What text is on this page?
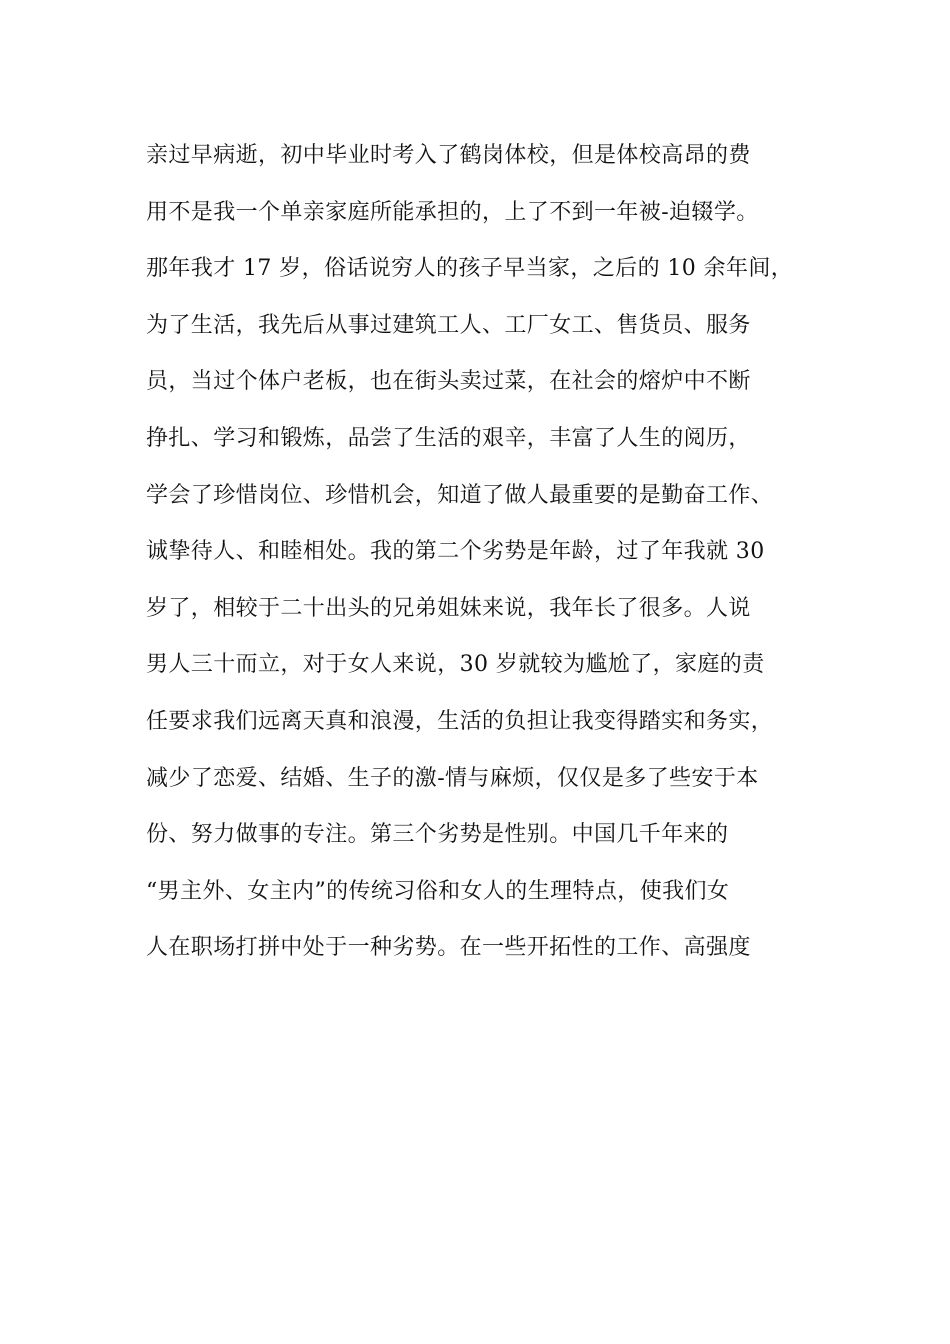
亲过早病逝，初中毕业时考入了鹤岗体校，但是体校高昂的费
用不是我一个单亲家庭所能承担的，上了不到一年被-迫辍学。
那年我才 17 岁，俗话说穷人的孩子早当家，之后的 10 余年间，
为了生活，我先后从事过建筑工人、工厂女工、售货员、服务
员，当过个体户老板，也在街头卖过菜，在社会的熔炉中不断
挣扎、学习和锻炼，品尝了生活的艰辛，丰富了人生的阅历，
学会了珍惜岗位、珍惜机会，知道了做人最重要的是勤奋工作、
诚挚待人、和睦相处。我的第二个劣势是年龄，过了年我就 30
岁了，相较于二十出头的兄弟姐妹来说，我年长了很多。人说
男人三十而立，对于女人来说，30 岁就较为尴尬了，家庭的责
任要求我们远离天真和浪漫，生活的负担让我变得踏实和务实，
减少了恋爱、结婚、生子的激-情与麻烦，仅仅是多了些安于本
份、努力做事的专注。第三个劣势是性别。中国几千年来的
“男主外、女主内”的传统习俗和女人的生理特点，使我们女
人在职场打拼中处于一种劣势。在一些开拓性的工作、高强度
